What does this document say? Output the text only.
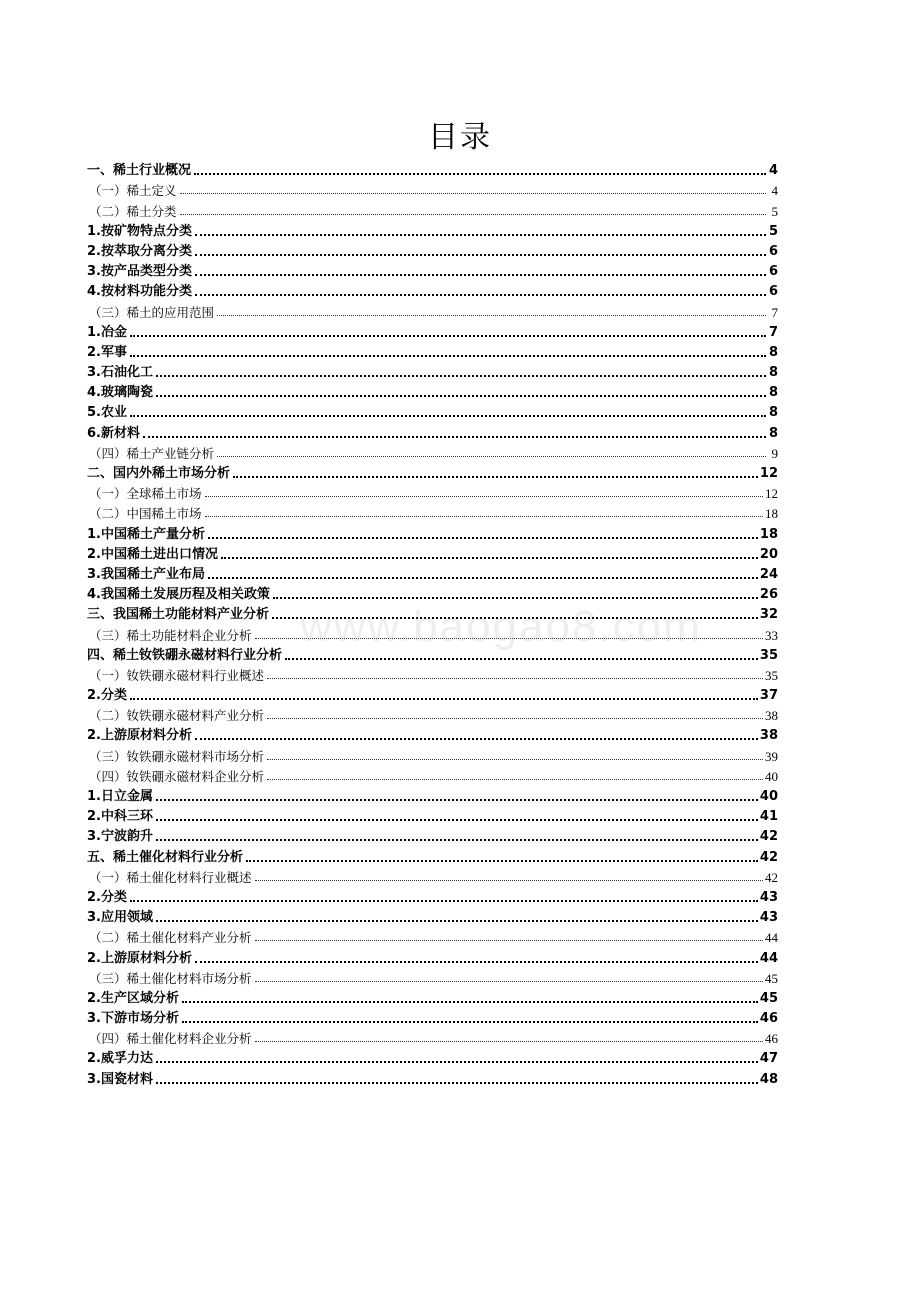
目录
一、稀土行业概况	4
（一）稀土定义	4
（二）稀土分类	5
1.按矿物特点分类	5
2.按萃取分离分类	6
3.按产品类型分类	6
4.按材料功能分类	6
（三）稀土的应用范围	7
1.冶金	7
2.军事	8
3.石油化工	8
4.玻璃陶瓷	8
5.农业	8
6.新材料	8
（四）稀土产业链分析	9
二、国内外稀土市场分析	12
（一）全球稀土市场	12
（二）中国稀土市场	18
1.中国稀土产量分析	18
2.中国稀土进出口情况	20
3.我国稀土产业布局	24
4.我国稀土发展历程及相关政策	26
三、我国稀土功能材料产业分析	32
（三）稀土功能材料企业分析	33
四、稀土钕铁硼永磁材料行业分析	35
（一）钕铁硼永磁材料行业概述	35
2.分类	37
（二）钕铁硼永磁材料产业分析	38
2.上游原材料分析	38
（三）钕铁硼永磁材料市场分析	39
（四）钕铁硼永磁材料企业分析	40
1.日立金属	40
2.中科三环	41
3.宁波韵升	42
五、稀土催化材料行业分析	42
（一）稀土催化材料行业概述	42
2.分类	43
3.应用领域	43
（二）稀土催化材料产业分析	44
2.上游原材料分析	44
（三）稀土催化材料市场分析	45
2.生产区域分析	45
3.下游市场分析	46
（四）稀土催化材料企业分析	46
2.威孚力达	47
3.国瓷材料	48
www.baogao8.com
